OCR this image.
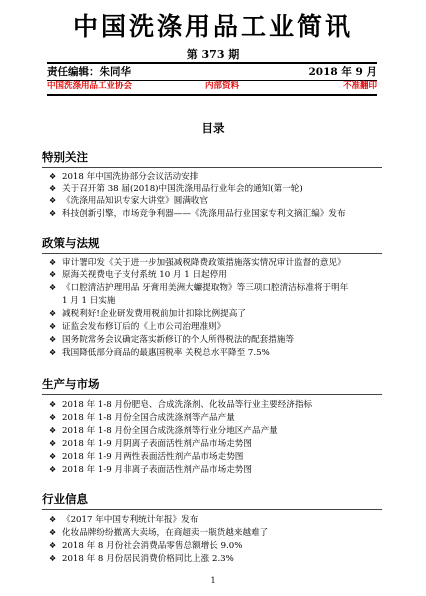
中国洗涤用品工业简讯
第 373 期
责任编辑：朱同华	2018 年 9 月
中国洗涤用品工业协会	内部资料	不准翻印
目录
特别关注
❖ 2018 年中国洗协部分会议活动安排
❖ 关于召开第 38 届(2018)中国洗涤用品行业年会的通知(第一轮)
❖ 《洗涤用品知识专家大讲堂》圆满收官
❖ 科技创新引擎，市场竞争利器——《洗涤用品行业国家专利文摘汇编》发布
政策与法规
❖ 审计署印发《关于进一步加强减税降费政策措施落实情况审计监督的意见》
❖ 原海关视费电子支付系统 10 月 1 日起停用
❖ 《口腔清洁护理用品 牙膏用美洲大蠊提取物》等三项口腔清洁标准将于明年
1 月 1 日实施
❖ 减税利好!企业研发费用税前加计扣除比例提高了
❖ 证监会发布修订后的《上市公司治理准则》
❖ 国务院常务会议确定落实新修订的个人所得税法的配套措施等
❖ 我国降低部分商品的最惠国税率 关税总水平降至 7.5%
生产与市场
❖ 2018 年 1-8 月份肥皂、合成洗涤剂、化妆品等行业主要经济指标
❖ 2018 年 1-8 月份全国合成洗涤剂等产品产量
❖ 2018 年 1-8 月份全国合成洗涤剂等行业分地区产品产量
❖ 2018 年 1-9 月阴离子表面活性剂产品市场走势图
❖ 2018 年 1-9 月两性表面活性剂产品市场走势图
❖ 2018 年 1-9 月非离子表面活性剂产品市场走势图
行业信息
❖ 《2017 年中国专利统计年报》发布
❖ 化妆品牌纷纷撤离大卖场，在商超卖一瓶货越来越难了
❖ 2018 年 8 月份社会消费品零售总额增长 9.0%
❖ 2018 年 8 月份居民消费价格同比上涨 2.3%
1
